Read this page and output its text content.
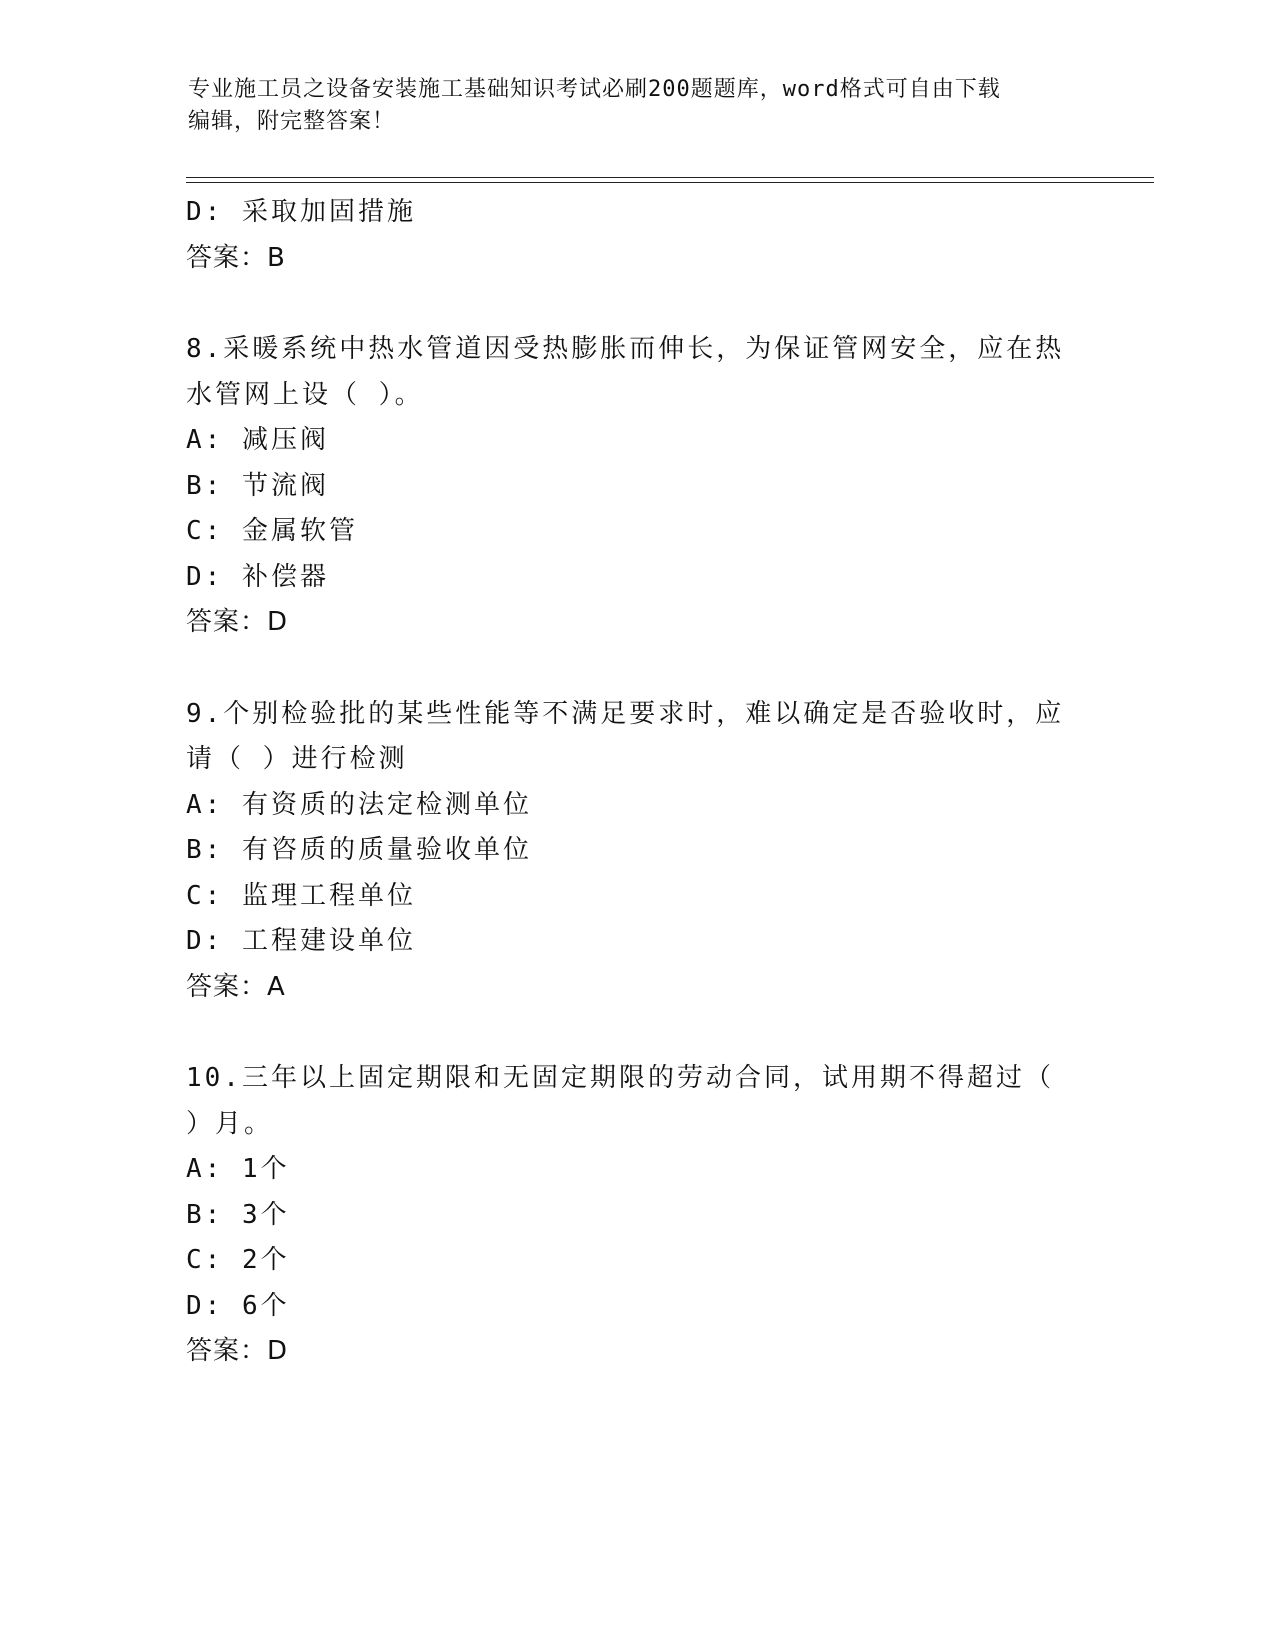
专业施工员之设备安装施工基础知识考试必刷200题题库，word格式可自由下载
编辑，附完整答案！
D: 采取加固措施
答案：B
8.采暖系统中热水管道因受热膨胀而伸长，为保证管网安全，应在热
水管网上设（ ）。
A: 减压阀
B: 节流阀
C: 金属软管
D: 补偿器
答案：D
9.个别检验批的某些性能等不满足要求时，难以确定是否验收时，应
请（ ）进行检测
A: 有资质的法定检测单位
B: 有咨质的质量验收单位
C: 监理工程单位
D: 工程建设单位
答案：A
10.三年以上固定期限和无固定期限的劳动合同，试用期不得超过（
）月。
A: 1个
B: 3个
C: 2个
D: 6个
答案：D
